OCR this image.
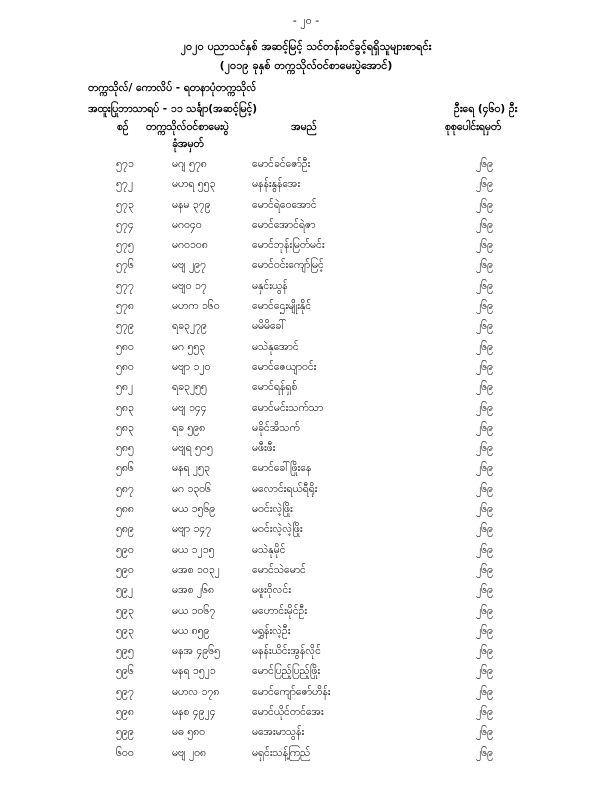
- ၂၀ -
၂၀၂၀ ပညာသင်နှစ် အဆင့်မြင့် သင်တန်းဝင်ခွင့်ရရှိသူများစာရင်း
(၂၀၁၉ ခုနှစ် တက္ကသိုလ်ဝင်စာမေးပွဲအောင်)
တက္ကသိုလ်/ ကောလိပ် - ရတနာပုံတက္ကသိုလ်
အထူးပြုဘာသာရပ် - ၁၁ သင်္ချာ(အဆင့်မြင့်)	ဦးရေ (၄၆၀) ဦး
စဉ် တက္ကသိုလ်ဝင်စာမေးပွဲ
ခုံအမှတ်
အမည်	စုစုပေါင်းရမှတ်
၅၇၁	မဂျ ၅၇၈	မောင်ခင်ဇော်ဦး	၂၆၉
၅၇၂	မဟရ ၅၅၃	မနန်းနွန်အေး	၂၆၉
၅၇၃	မနမ ၃၇၉	မောင်ရဲဝေအောင်	၂၆၉
၅၇၄	မဂ၀၄၀	မောင်အောင်ရဲဇာ	၂၆၉
၅၇၅	မဂ၀၁၀၈	မောင်ဘုန်းမြတ်မင်း	၂၆၉
၅၇၆	မဗျ ၂၉၇	မောင်ဝင်းကျော်မြင့်	၂၆၉
၅၇၇	မဗျ၀ ၁၇	မနှင်းယွန်	၂၆၉
၅၇၈	မဟက ၁၆၀	မောင်ဌေးမျိုးနိုင်	၂၆၉
၅၇၉	ရခ၃၂၇၉	မမိမိခေါ်	၂၆၉
၅၈၀	မဂ ၅၅၃	မသဲနုအောင်	၂၆၉
၅၈၀	မဗျာ ၁၂၀	မောင်ဇေယျာဝင်း	၂၆၉
၅၈၂	ရခ၃၂၅၅	မောင်ရန်ရှစ်	၂၆၉
၅၈၃	မဗျ ၁၄၄	မောင်မင်းသက်သာ	၂၆၉
၅၈၃	ရခ ၅၉၈	မခိုင်အိသက်	၂၆၉
၅၈၅	မဗျရ ၅၀၅	မဖီးဖီး	၂၆၉
၅၈၆	မနရ ၂၅၃	မောင်ခေါ်ဖြိုးနေ	၂၆၉
၅၈၇	မဂ ၁၃၀၆	မလောင်းရယ်ရီရိုး	၂၆၉
၅၈၈	မယ ၁၅၆၉	မဝင်းလဲ့ဖြိုး	၂၆၉
၅၈၉	မဗျာ ၁၄၇	မဝင်းလဲ့လဲ့ဖြိုး	၂၆၉
၅၉၀	မယ ၁၂၁၅	မသဲနုမိုင်	၂၆၉
၅၉၀	မအစ ၁၀၃၂	မောင်သဲမောင်	၂၆၉
၅၉၂	မအစ ၂၆၈	မဖူးဝိုလင်း	၂၆၉
၅၉၃	မယ ၁၀၆၇	မဟောင်းမိုင်ဦး	၂၆၉
၅၉၃	မယ ၈၅၉	မရွှန်းလဲ့ဦး	၂၆၉
၅၉၅	မနအ ၄၉၆၅	မနန်းယိင်းအွန်လိုင်	၂၆၉
၅၉၆	မနရ ၁၅၂၁	မောင်ပြည့်ပြည့်ဖြိုး	၂၆၉
၅၉၇	မဟလ ၁၇၈	မောင်ကျော်ဇော်ဟိန်း	၂၆၉
၅၉၈	မနစ ၄၉၂၄	မောင်ယိုင်တင်အေး	၂၆၉
၅၉၉	မဓ ၅၈၀	မအေးမာသွန်း	၂၆၉
၆၀၀	မဗျ ၂၀၈	မရှင်းသန့်ကြည်	၂၆၉
